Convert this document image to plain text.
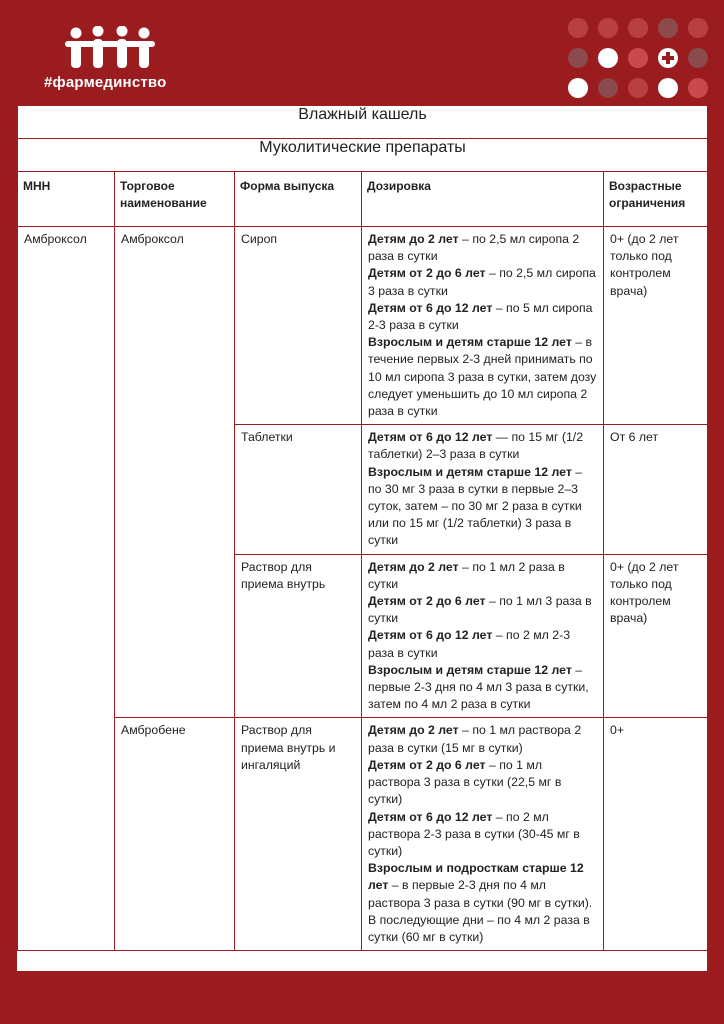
#фармединство
Влажный кашель				
Муколитические препараты				
МНН	Торговое наименование	Форма выпуска	Дозировка	Возрастные ограничения
Амброксол	Амброксол	Сироп	Детям до 2 лет – по 2,5 мл сиропа 2 раза в сутки
Детям от 2 до 6 лет – по 2,5 мл сиропа 3 раза в сутки
Детям от 6 до 12 лет – по 5 мл сиропа 2-3 раза в сутки
Взрослым и детям старше 12 лет – в течение первых 2-3 дней принимать по 10 мл сиропа 3 раза в сутки, затем дозу следует уменьшить до 10 мл сиропа 2 раза в сутки	0+ (до 2 лет только под контролем врача)
		Таблетки	Детям от 6 до 12 лет — по 15 мг (1/2 таблетки) 2–3 раза в сутки
Взрослым и детям старше 12 лет – по 30 мг 3 раза в сутки в первые 2–3 суток, затем – по 30 мг 2 раза в сутки или по 15 мг (1/2 таблетки) 3 раза в сутки	От 6 лет
		Раствор для приема внутрь	Детям до 2 лет – по 1 мл 2 раза в сутки
Детям от 2 до 6 лет – по 1 мл 3 раза в сутки
Детям от 6 до 12 лет – по 2 мл 2-3 раза в сутки
Взрослым и детям старше 12 лет – первые 2-3 дня по 4 мл 3 раза в сутки, затем по 4 мл 2 раза в сутки	0+ (до 2 лет только под контролем врача)
	Амбробене	Раствор для приема внутрь и ингаляций	Детям до 2 лет – по 1 мл раствора 2 раза в сутки (15 мг в сутки)
Детям от 2 до 6 лет – по 1 мл раствора 3 раза в сутки (22,5 мг в сутки)
Детям от 6 до 12 лет – по 2 мл раствора 2-3 раза в сутки (30-45 мг в сутки)
Взрослым и подросткам старше 12 лет – в первые 2-3 дня по 4 мл раствора 3 раза в сутки (90 мг в сутки). В последующие дни – по 4 мл 2 раза в сутки (60 мг в сутки)	0+
